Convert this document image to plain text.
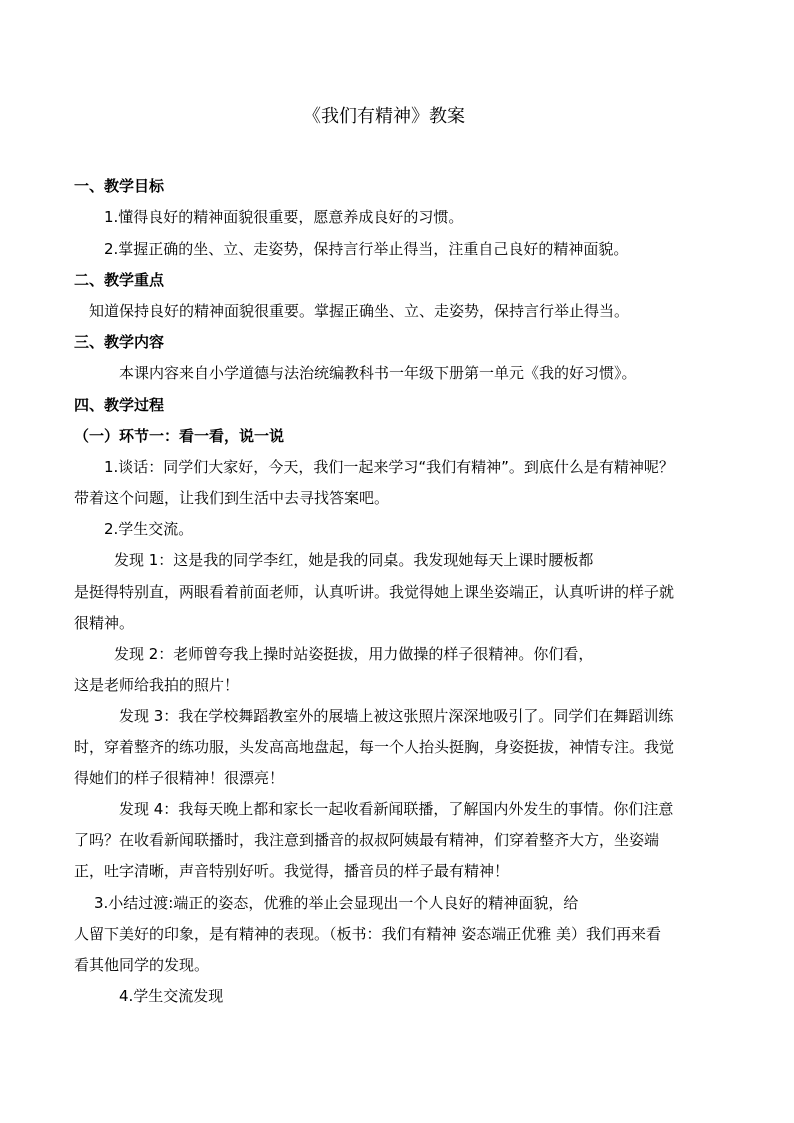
《我们有精神》教案
一、教学目标
1.懂得良好的精神面貌很重要，愿意养成良好的习惯。
2.掌握正确的坐、立、走姿势，保持言行举止得当，注重自己良好的精神面貌。
二、教学重点
知道保持良好的精神面貌很重要。掌握正确坐、立、走姿势，保持言行举止得当。
三、教学内容
本课内容来自小学道德与法治统编教科书一年级下册第一单元《我的好习惯》。
四、教学过程
（一）环节一：看一看，说一说
1.谈话：同学们大家好，今天，我们一起来学习“我们有精神”。到底什么是有精神呢？
带着这个问题，让我们到生活中去寻找答案吧。
2.学生交流。
发现 1：这是我的同学李红，她是我的同桌。我发现她每天上课时腰板都
是挺得特别直，两眼看着前面老师，认真听讲。我觉得她上课坐姿端正，认真听讲的样子就
很精神。
发现 2：老师曾夸我上操时站姿挺拔，用力做操的样子很精神。你们看，
这是老师给我拍的照片！
发现 3：我在学校舞蹈教室外的展墙上被这张照片深深地吸引了。同学们在舞蹈训练
时，穿着整齐的练功服，头发高高地盘起，每一个人抬头挺胸，身姿挺拔，神情专注。我觉
得她们的样子很精神！很漂亮！
发现 4：我每天晚上都和家长一起收看新闻联播，了解国内外发生的事情。你们注意
了吗？在收看新闻联播时，我注意到播音的叔叔阿姨最有精神，们穿着整齐大方，坐姿端
正，吐字清晰，声音特别好听。我觉得，播音员的样子最有精神！
3.小结过渡:端正的姿态，优雅的举止会显现出一个人良好的精神面貌，给
人留下美好的印象，是有精神的表现。（板书：我们有精神 姿态端正优雅 美）我们再来看
看其他同学的发现。
4.学生交流发现
